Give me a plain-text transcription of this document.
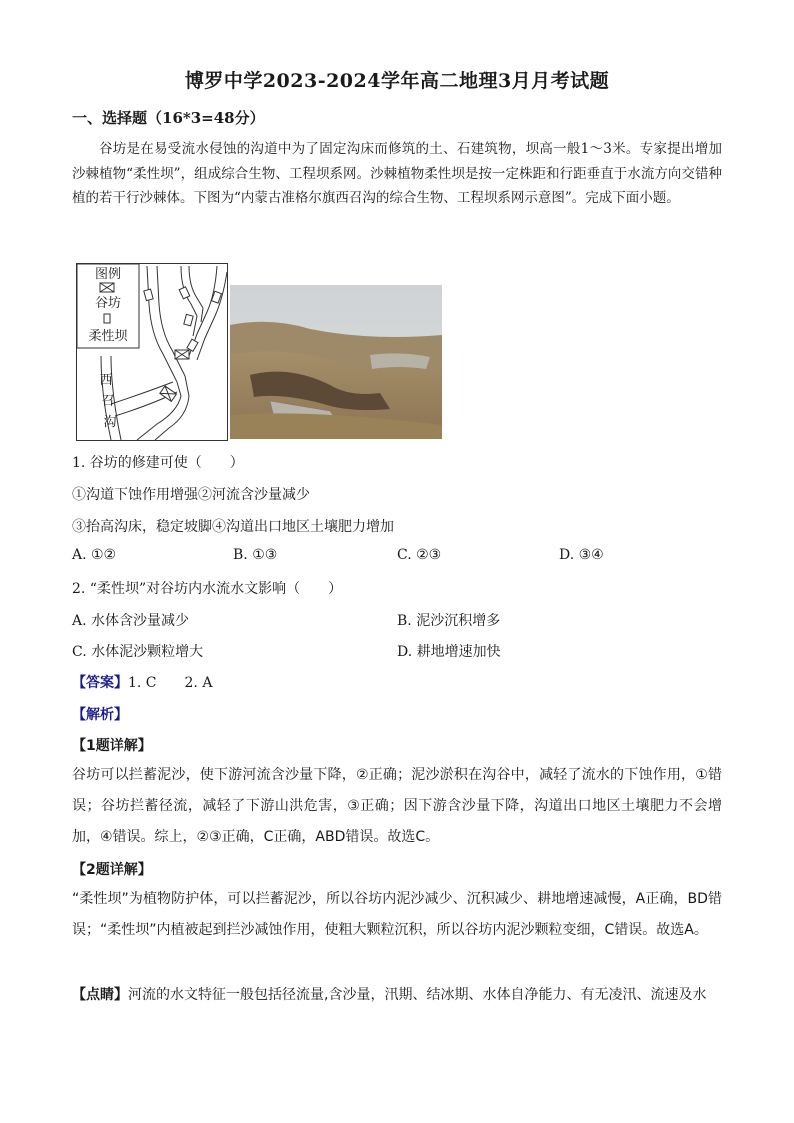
博罗中学2023-2024学年高二地理3月月考试题
一、选择题（16*3=48分）
谷坊是在易受流水侵蚀的沟道中为了固定沟床而修筑的土、石建筑物，坝高一般1～3米。专家提出增加沙棘植物“柔性坝”，组成综合生物、工程坝系网。沙棘植物柔性坝是按一定株距和行距垂直于水流方向交错种植的若干行沙棘体。下图为“内蒙古准格尔旗西召沟的综合生物、工程坝系网示意图”。完成下面小题。
图例
谷坊
柔性坝
西
召
沟
1. 谷坊的修建可使（　　）
①沟道下蚀作用增强②河流含沙量减少
③抬高沟床，稳定坡脚④沟道出口地区土壤肥力增加
A. ①②	B. ①③	C. ②③	D. ③④
2. “柔性坝”对谷坊内水流水文影响（　　）
A. 水体含沙量减少	B. 泥沙沉积增多
C. 水体泥沙颗粒增大	D. 耕地增速加快
【答案】1. C　　2. A
【解析】
【1题详解】
谷坊可以拦蓄泥沙，使下游河流含沙量下降，②正确；泥沙淤积在沟谷中，减轻了流水的下蚀作用，①错误；谷坊拦蓄径流，减轻了下游山洪危害，③正确；因下游含沙量下降，沟道出口地区土壤肥力不会增加，④错误。综上，②③正确，C正确，ABD错误。故选C。
【2题详解】
“柔性坝”为植物防护体，可以拦蓄泥沙，所以谷坊内泥沙减少、沉积减少、耕地增速减慢，A正确，BD错误；“柔性坝”内植被起到拦沙减蚀作用，使粗大颗粒沉积，所以谷坊内泥沙颗粒变细，C错误。故选A。
【点睛】河流的水文特征一般包括径流量,含沙量，汛期、结冰期、水体自净能力、有无凌汛、流速及水
